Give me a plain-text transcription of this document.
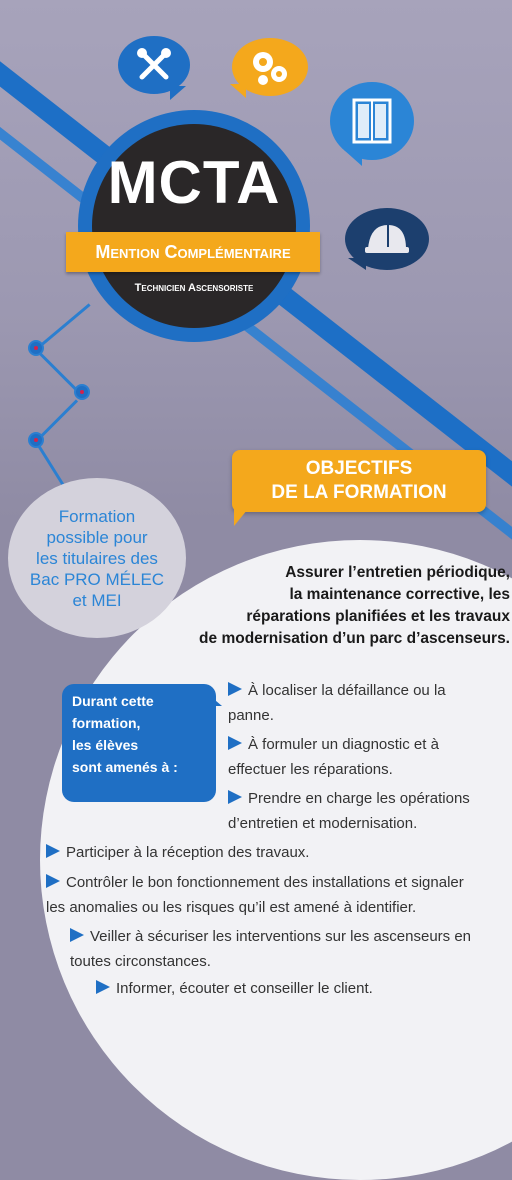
MCTA
Mention Complémentaire
Technicien Ascensoriste
Formation
possible pour
les titulaires des
Bac PRO MÉLEC
et MEI
OBJECTIFS
DE LA FORMATION
Assurer l’entretien périodique,
la maintenance corrective, les
réparations planifiées et les travaux
de modernisation d’un parc d’ascenseurs.
Durant cette
formation,
les élèves
sont amenés à :
À localiser la défaillance ou la
panne.
À formuler un diagnostic et à
effectuer les réparations.
Prendre en charge les opérations
d’entretien et modernisation.
Participer à la réception des travaux.
Contrôler le bon fonctionnement des installations et signaler
les anomalies ou les risques qu’il est amené à identifier.
Veiller à sécuriser les interventions sur les ascenseurs en
toutes circonstances.
Informer, écouter et conseiller le client.
